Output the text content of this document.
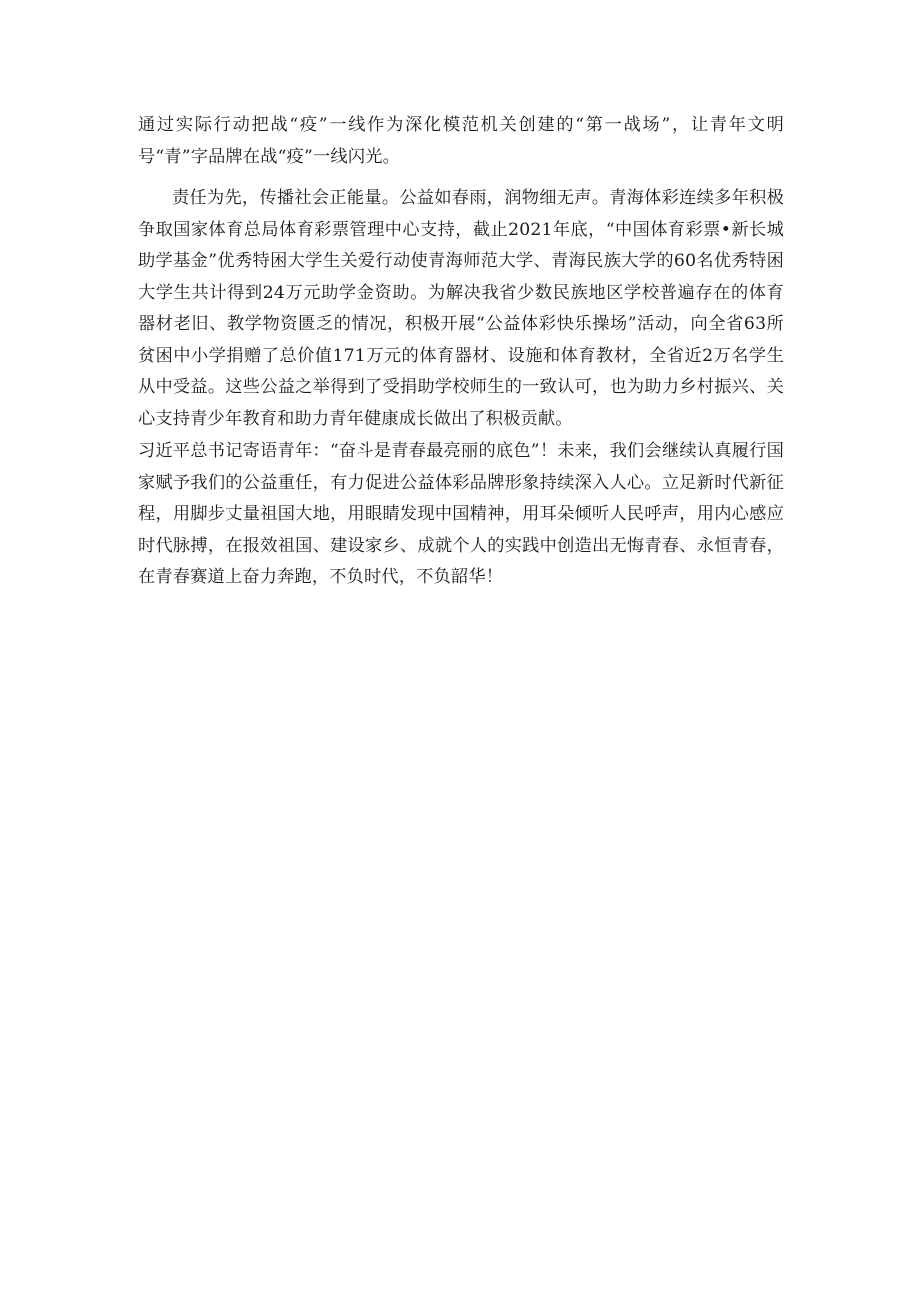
通过实际行动把战“疫”一线作为深化模范机关创建的“第一战场”，让青年文明号“青”字品牌在战“疫”一线闪光。

责任为先，传播社会正能量。公益如春雨，润物细无声。青海体彩连续多年积极争取国家体育总局体育彩票管理中心支持，截止2021年底，“中国体育彩票•新长城助学基金”优秀特困大学生关爱行动使青海师范大学、青海民族大学的60名优秀特困大学生共计得到24万元助学金资助。为解决我省少数民族地区学校普遍存在的体育器材老旧、教学物资匮乏的情况，积极开展“公益体彩快乐操场”活动，向全省63所贫困中小学捐赠了总价值171万元的体育器材、设施和体育教材，全省近2万名学生从中受益。这些公益之举得到了受捐助学校师生的一致认可，也为助力乡村振兴、关心支持青少年教育和助力青年健康成长做出了积极贡献。

习近平总书记寄语青年：“奋斗是青春最亮丽的底色”！未来，我们会继续认真履行国家赋予我们的公益重任，有力促进公益体彩品牌形象持续深入人心。立足新时代新征程，用脚步丈量祖国大地，用眼睛发现中国精神，用耳朵倾听人民呼声，用内心感应时代脉搏，在报效祖国、建设家乡、成就个人的实践中创造出无悔青春、永恒青春，在青春赛道上奋力奔跑，不负时代，不负韶华！
